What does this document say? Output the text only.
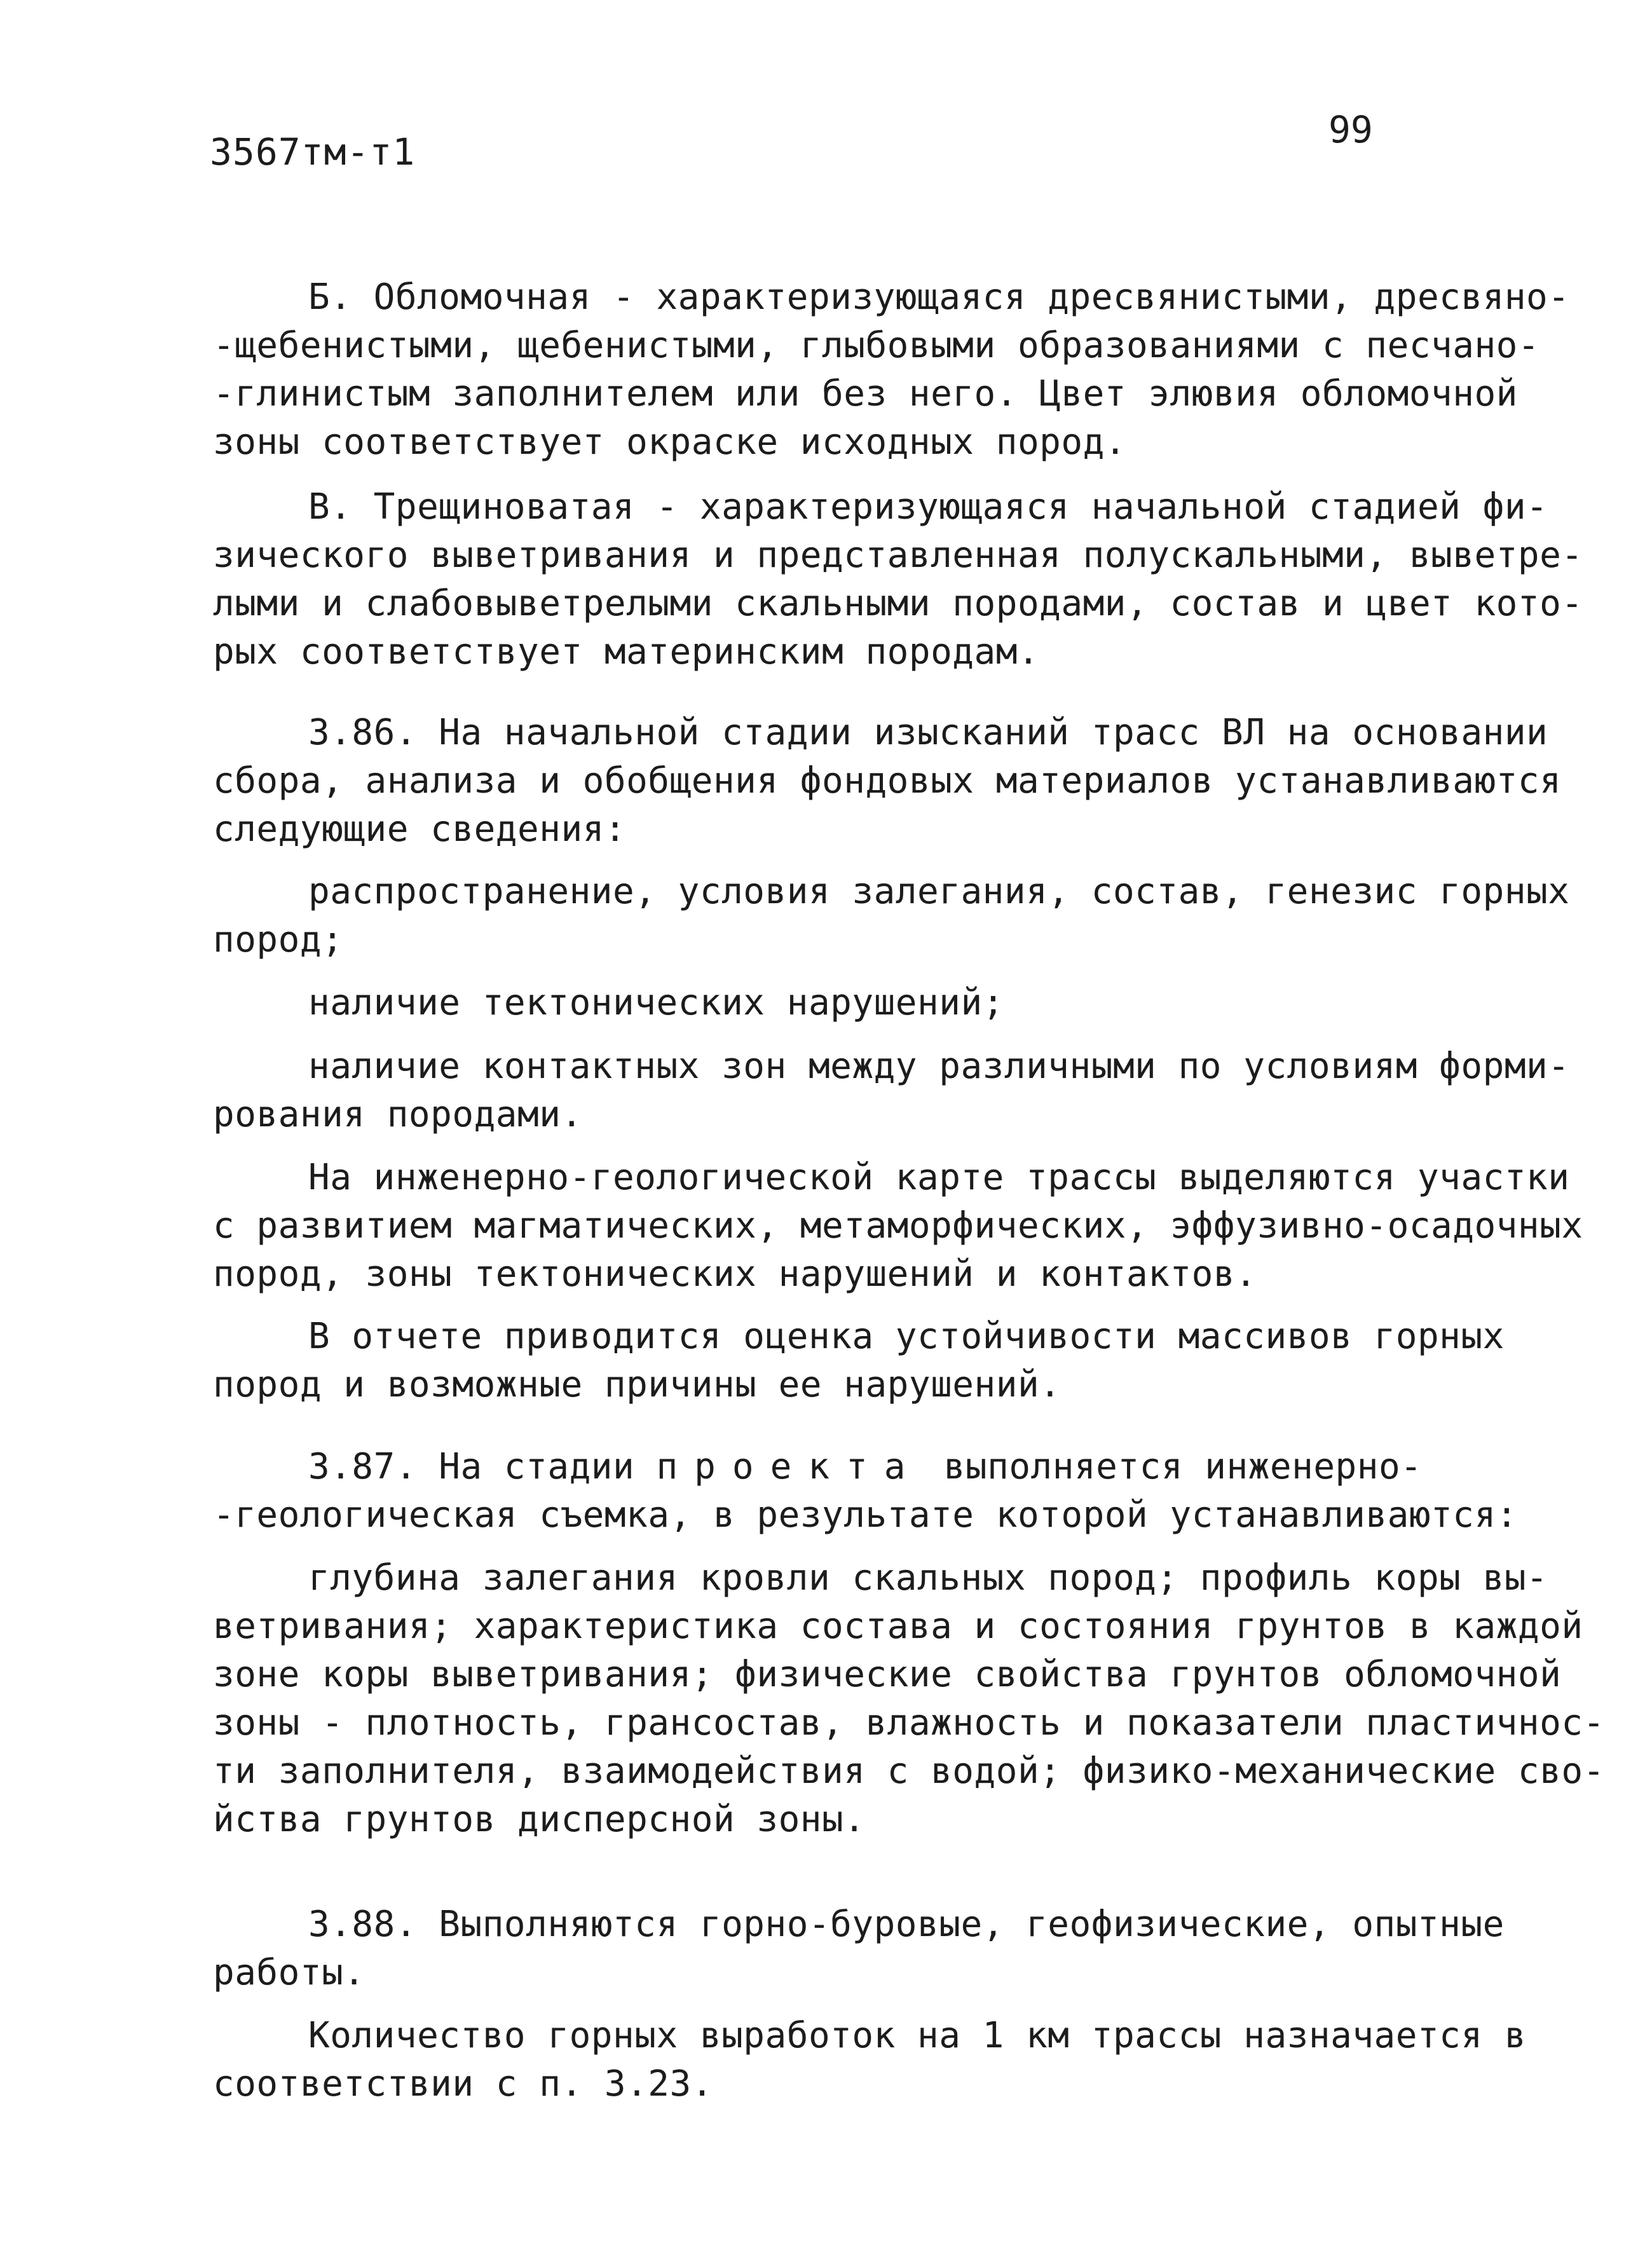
3567тм-т1
99
Б. Обломочная - характеризующаяся дресвянистыми, дресвяно-
-щебенистыми, щебенистыми, глыбовыми образованиями с песчано-
-глинистым заполнителем или без него. Цвет элювия обломочной
зоны соответствует окраске исходных пород.
В. Трещиноватая - характеризующаяся начальной стадией фи-
зического выветривания и представленная полускальными, выветре-
лыми и слабовыветрелыми скальными породами, состав и цвет кото-
рых соответствует материнским породам.
3.86. На начальной стадии изысканий трасс ВЛ на основании
сбора, анализа и обобщения фондовых материалов устанавливаются
следующие сведения:
распространение, условия залегания, состав, генезис горных
пород;
наличие тектонических нарушений;
наличие контактных зон между различными по условиям форми-
рования породами.
На инженерно-геологической карте трассы выделяются участки
с развитием магматических, метаморфических, эффузивно-осадочных
пород, зоны тектонических нарушений и контактов.
В отчете приводится оценка устойчивости массивов горных
пород и возможные причины ее нарушений.
3.87. На стадии проекта выполняется инженерно-
-геологическая съемка, в результате которой устанавливаются:
глубина залегания кровли скальных пород; профиль коры вы-
ветривания; характеристика состава и состояния грунтов в каждой
зоне коры выветривания; физические свойства грунтов обломочной
зоны - плотность, грансостав, влажность и показатели пластичнос-
ти заполнителя, взаимодействия с водой; физико-механические сво-
йства грунтов дисперсной зоны.
3.88. Выполняются горно-буровые, геофизические, опытные
работы.
Количество горных выработок на 1 км трассы назначается в
соответствии с п. 3.23.
